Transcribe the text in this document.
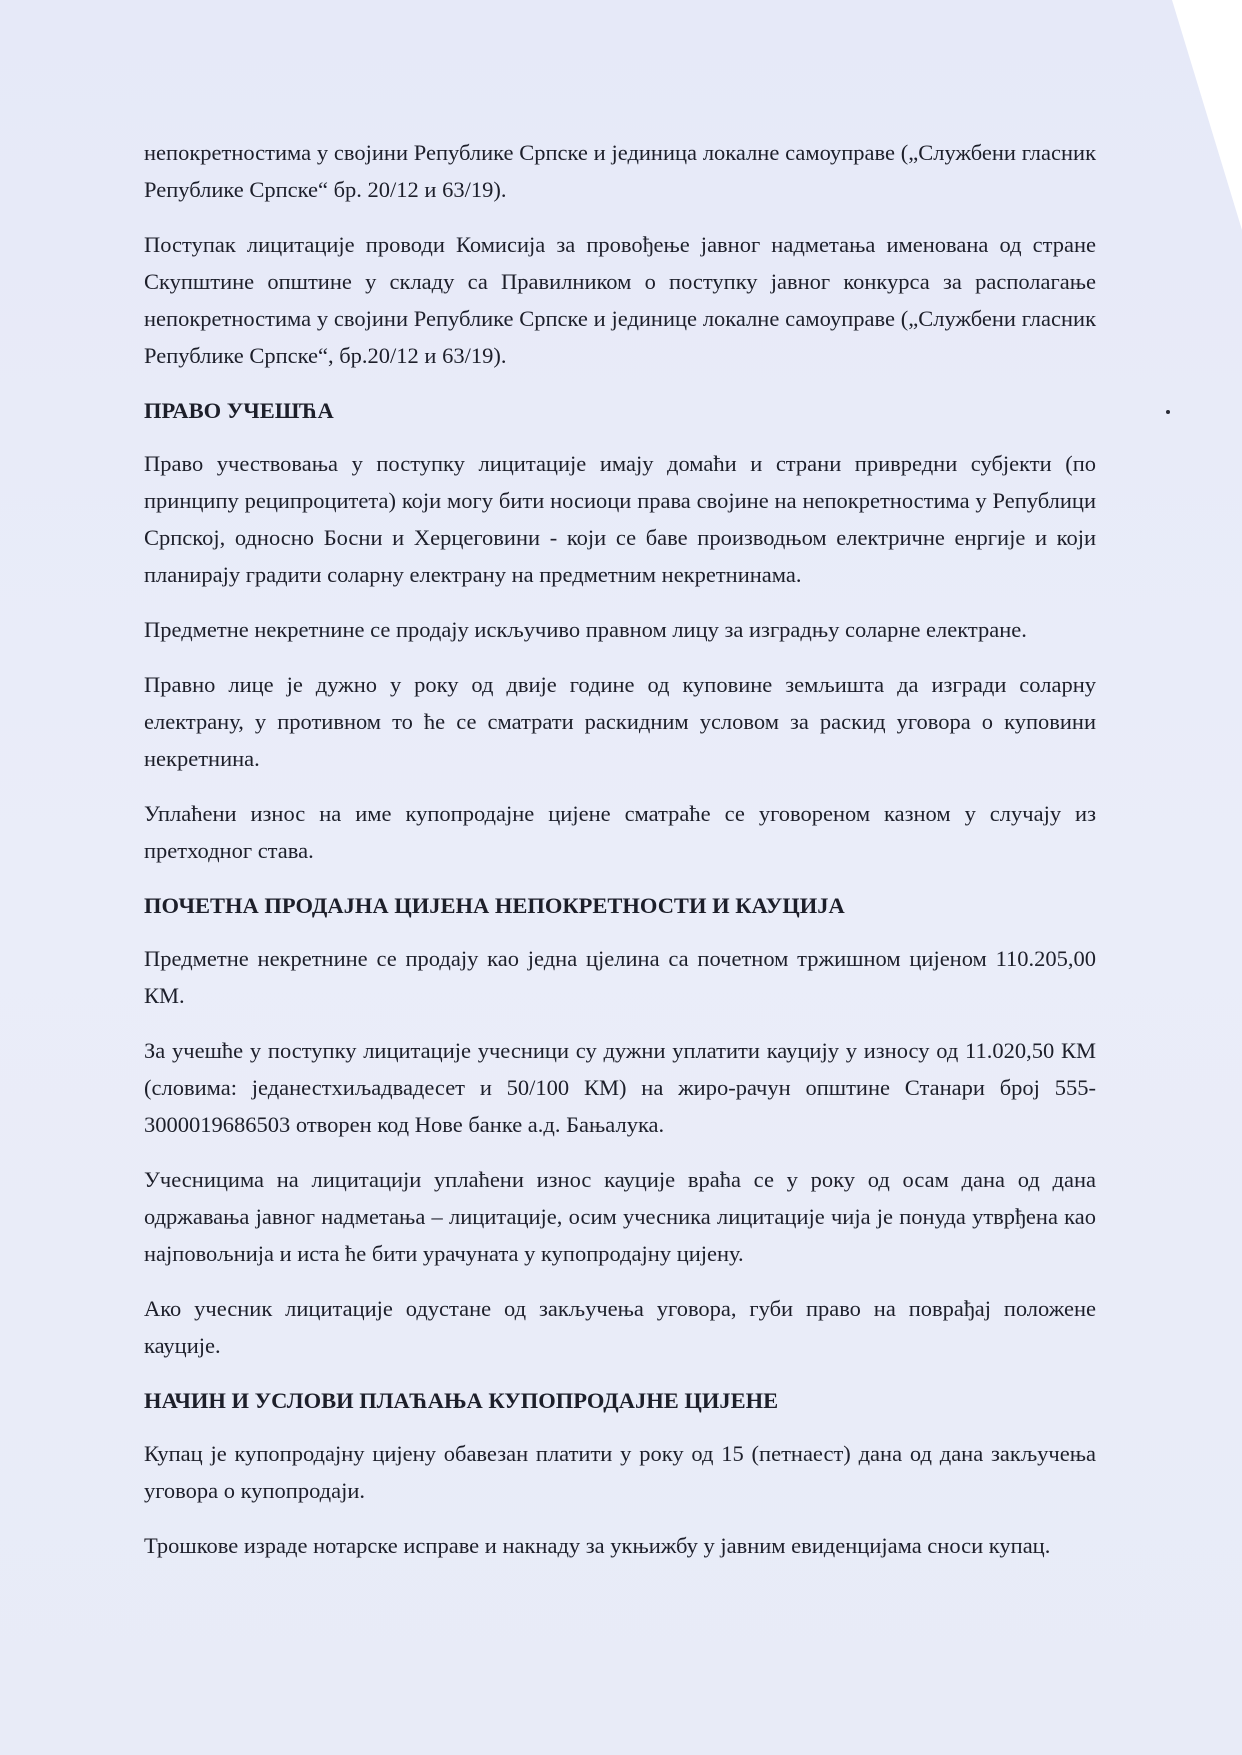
непокретностима у својини Републике Српске и јединица локалне самоуправе („Службени гласник Републике Српске“ бр. 20/12 и 63/19).

Поступак лицитације проводи Комисија за провођење јавног надметања именована од стране Скупштине општине у складу са Правилником о поступку јавног конкурса за располагање непокретностима у својини Републике Српске и јединице локалне самоуправе („Службени гласник Републике Српске“, бр.20/12 и 63/19).

ПРАВО УЧЕШЋА

Право учествовања у поступку лицитације имају домаћи и страни привредни субјекти (по принципу реципроцитета) који могу бити носиоци права својине на непокретностима у Републици Српској, односно Босни и Херцеговини - који се баве производњом електричне енргије и који планирају градити соларну електрану на предметним некретнинама.

Предметне некретнине се продају искључиво правном лицу за изградњу соларне електране.

Правно лице је дужно у року од двије године од куповине земљишта да изгради соларну електрану, у противном то ће се сматрати раскидним условом за раскид уговора о куповини некретнина.

Уплаћени износ на име купопродајне цијене сматраће се уговореном казном у случају из претходног става.

ПОЧЕТНА ПРОДАЈНА ЦИЈЕНА НЕПОКРЕТНОСТИ И КАУЦИЈА

Предметне некретнине се продају као једна цјелина са почетном тржишном цијеном 110.205,00 КМ.

За учешће у поступку лицитације учесници су дужни уплатити кауцију у износу од 11.020,50 КМ (словима: једанестхиљадвадесет и 50/100 КМ) на жиро-рачун општине Станари број 555-3000019686503 отворен код Нове банке а.д. Бањалука.

Учесницима на лицитацији уплаћени износ кауције враћа се у року од осам дана од дана одржавања јавног надметања – лицитације, осим учесника лицитације чија је понуда утврђена као најповољнија и иста ће бити урачуната у купопродајну цијену.

Ако учесник лицитације одустане од закључења уговора, губи право на поврађај положене кауције.

НАЧИН И УСЛОВИ ПЛАЋАЊА КУПОПРОДАЈНЕ ЦИЈЕНЕ

Купац је купопродајну цијену обавезан платити у року од 15 (петнаест) дана од дана закључења уговора о купопродаји.

Трошкове израде нотарске исправе и накнаду за укњижбу у јавним евиденцијама сноси купац.
